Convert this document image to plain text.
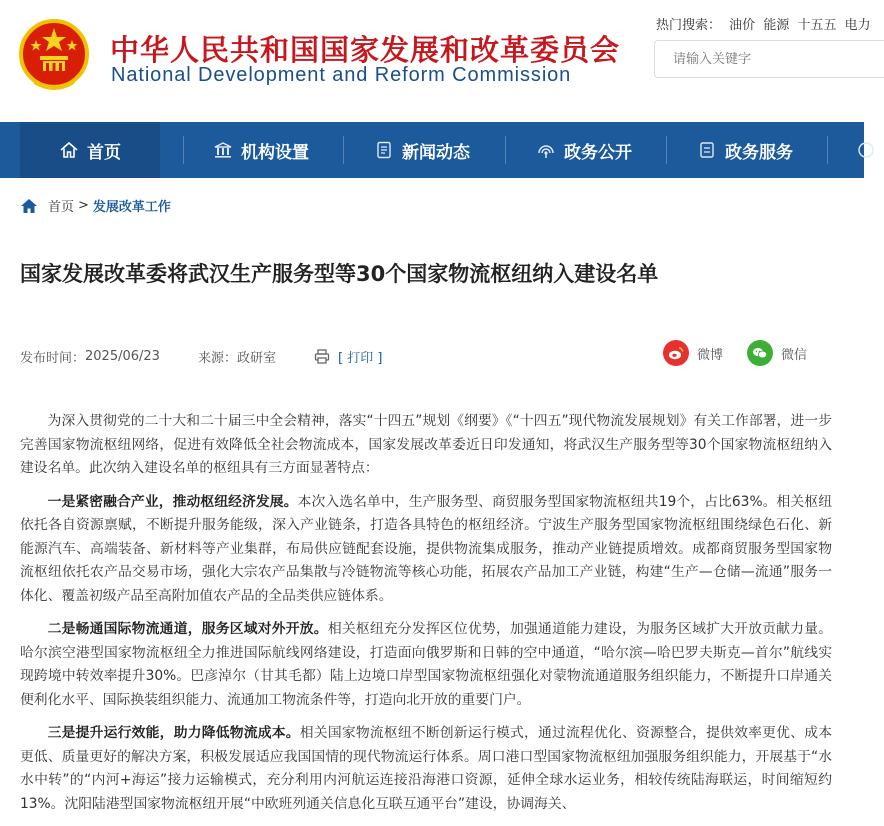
中华人民共和国国家发展和改革委员会
National Development and Reform Commission
热门搜索： 油价 能源 十五五 电力
请输入关键字
首页	机构设置	新闻动态	政务公开	政务服务
首页 > 发展改革工作
国家发展改革委将武汉生产服务型等30个国家物流枢纽纳入建设名单
发布时间： 2025/06/23	来源： 政研室	[ 打印 ]	微博	微信

为深入贯彻党的二十大和二十届三中全会精神，落实“十四五”规划《纲要》《“十四五”现代物流发展规划》有关工作部署，进一步完善国家物流枢纽网络，促进有效降低全社会物流成本，国家发展改革委近日印发通知，将武汉生产服务型等30个国家物流枢纽纳入建设名单。此次纳入建设名单的枢纽具有三方面显著特点：

一是紧密融合产业，推动枢纽经济发展。本次入选名单中，生产服务型、商贸服务型国家物流枢纽共19个，占比63%。相关枢纽依托各自资源禀赋，不断提升服务能级，深入产业链条，打造各具特色的枢纽经济。宁波生产服务型国家物流枢纽围绕绿色石化、新能源汽车、高端装备、新材料等产业集群，布局供应链配套设施，提供物流集成服务，推动产业链提质增效。成都商贸服务型国家物流枢纽依托农产品交易市场，强化大宗农产品集散与冷链物流等核心功能，拓展农产品加工产业链，构建“生产—仓储—流通”服务一体化、覆盖初级产品至高附加值农产品的全品类供应链体系。

二是畅通国际物流通道，服务区域对外开放。相关枢纽充分发挥区位优势，加强通道能力建设，为服务区域扩大开放贡献力量。哈尔滨空港型国家物流枢纽全力推进国际航线网络建设，打造面向俄罗斯和日韩的空中通道，“哈尔滨—哈巴罗夫斯克—首尔”航线实现跨境中转效率提升30%。巴彦淖尔（甘其毛都）陆上边境口岸型国家物流枢纽强化对蒙物流通道服务组织能力，不断提升口岸通关便利化水平、国际换装组织能力、流通加工物流条件等，打造向北开放的重要门户。

三是提升运行效能，助力降低物流成本。相关国家物流枢纽不断创新运行模式，通过流程优化、资源整合，提供效率更优、成本更低、质量更好的解决方案，积极发展适应我国国情的现代物流运行体系。周口港口型国家物流枢纽加强服务组织能力，开展基于“水水中转”的“内河+海运”接力运输模式，充分利用内河航运连接沿海港口资源，延伸全球水运业务，相较传统陆海联运，时间缩短约13%。沈阳陆港型国家物流枢纽开展“中欧班列通关信息化互联互通平台”建设，协调海关、
